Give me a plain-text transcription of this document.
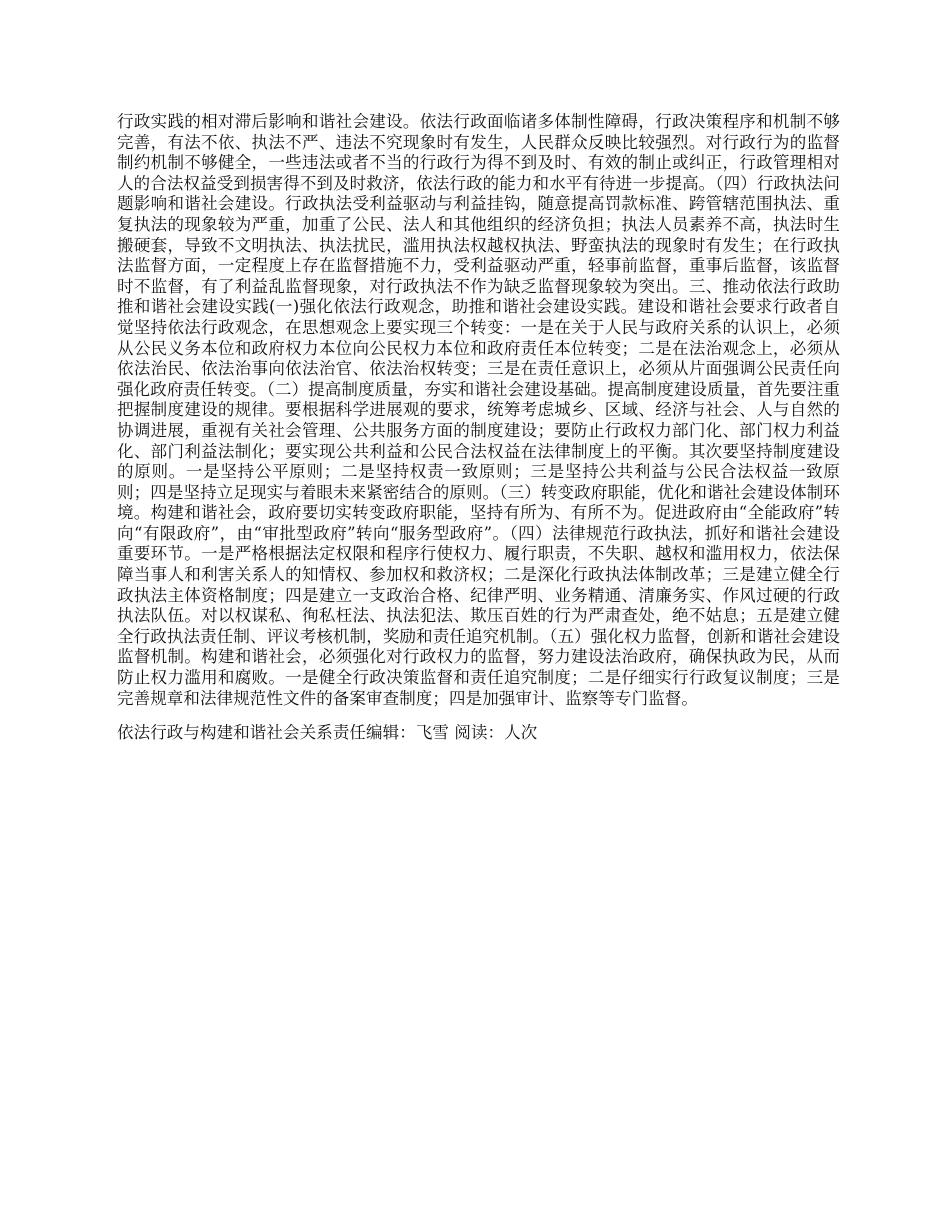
行政实践的相对滞后影响和谐社会建设。依法行政面临诸多体制性障碍，行政决策程序和机制不够完善，有法不依、执法不严、违法不究现象时有发生，人民群众反映比较强烈。对行政行为的监督制约机制不够健全，一些违法或者不当的行政行为得不到及时、有效的制止或纠正，行政管理相对人的合法权益受到损害得不到及时救济，依法行政的能力和水平有待进一步提高。（四）行政执法问题影响和谐社会建设。行政执法受利益驱动与利益挂钩，随意提高罚款标准、跨管辖范围执法、重复执法的现象较为严重，加重了公民、法人和其他组织的经济负担；执法人员素养不高，执法时生搬硬套，导致不文明执法、执法扰民，滥用执法权越权执法、野蛮执法的现象时有发生；在行政执法监督方面，一定程度上存在监督措施不力，受利益驱动严重，轻事前监督，重事后监督，该监督时不监督，有了利益乱监督现象，对行政执法不作为缺乏监督现象较为突出。三、推动依法行政助推和谐社会建设实践(一)强化依法行政观念，助推和谐社会建设实践。建设和谐社会要求行政者自觉坚持依法行政观念，在思想观念上要实现三个转变：一是在关于人民与政府关系的认识上，必须从公民义务本位和政府权力本位向公民权力本位和政府责任本位转变；二是在法治观念上，必须从依法治民、依法治事向依法治官、依法治权转变；三是在责任意识上，必须从片面强调公民责任向强化政府责任转变。（二）提高制度质量，夯实和谐社会建设基础。提高制度建设质量，首先要注重把握制度建设的规律。要根据科学进展观的要求，统筹考虑城乡、区域、经济与社会、人与自然的协调进展，重视有关社会管理、公共服务方面的制度建设；要防止行政权力部门化、部门权力利益化、部门利益法制化；要实现公共利益和公民合法权益在法律制度上的平衡。其次要坚持制度建设的原则。一是坚持公平原则；二是坚持权责一致原则；三是坚持公共利益与公民合法权益一致原则；四是坚持立足现实与着眼未来紧密结合的原则。（三）转变政府职能，优化和谐社会建设体制环境。构建和谐社会，政府要切实转变政府职能，坚持有所为、有所不为。促进政府由“全能政府”转向“有限政府”，由“审批型政府”转向“服务型政府”。（四）法律规范行政执法，抓好和谐社会建设重要环节。一是严格根据法定权限和程序行使权力、履行职责，不失职、越权和滥用权力，依法保障当事人和利害关系人的知情权、参加权和救济权；二是深化行政执法体制改革；三是建立健全行政执法主体资格制度；四是建立一支政治合格、纪律严明、业务精通、清廉务实、作风过硬的行政执法队伍。对以权谋私、徇私枉法、执法犯法、欺压百姓的行为严肃查处，绝不姑息；五是建立健全行政执法责任制、评议考核机制，奖励和责任追究机制。（五）强化权力监督，创新和谐社会建设监督机制。构建和谐社会，必须强化对行政权力的监督，努力建设法治政府，确保执政为民，从而防止权力滥用和腐败。一是健全行政决策监督和责任追究制度；二是仔细实行行政复议制度；三是完善规章和法律规范性文件的备案审查制度；四是加强审计、监察等专门监督。

依法行政与构建和谐社会关系责任编辑：飞雪 阅读：人次
